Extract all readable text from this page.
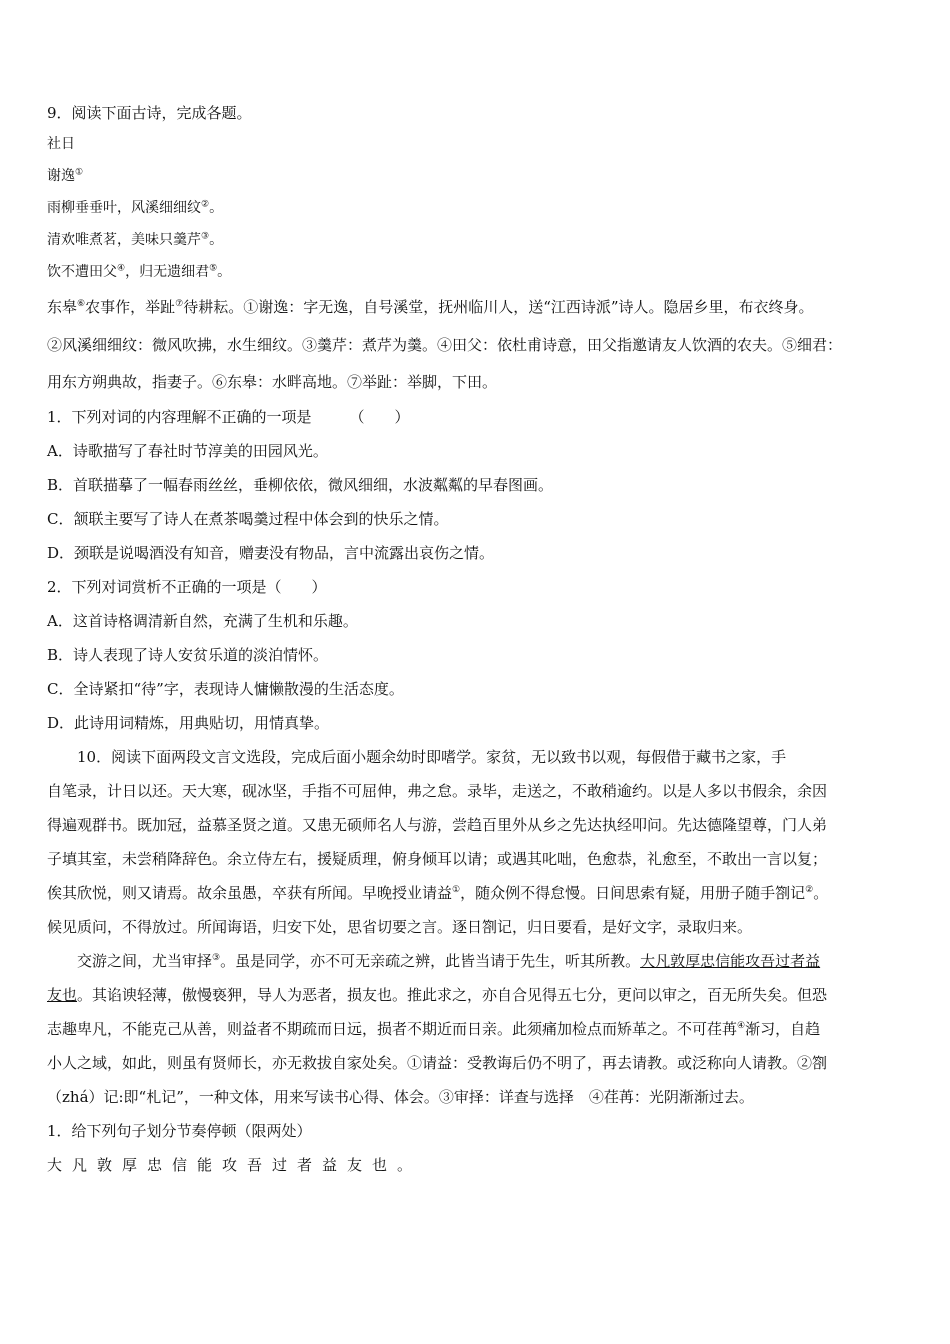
9．阅读下面古诗，完成各题。

社日

谢逸①

雨柳垂垂叶，风溪细细纹②。

清欢唯煮茗，美味只羹芹③。

饮不遭田父④，归无遗细君⑤。

东皋⑥农事作，举趾⑦待耕耘。①谢逸：字无逸，自号溪堂，抚州临川人，送“江西诗派”诗人。隐居乡里，布衣终身。

②风溪细细纹：微风吹拂，水生细纹。③羹芹：煮芹为羹。④田父：依杜甫诗意，田父指邀请友人饮酒的农夫。⑤细君：

用东方朔典故，指妻子。⑥东皋：水畔高地。⑦举趾：举脚，下田。

1．下列对词的内容理解不正确的一项是	（　　）

A．诗歌描写了春社时节淳美的田园风光。

B．首联描摹了一幅春雨丝丝，垂柳依依，微风细细，水波粼粼的早春图画。

C．颔联主要写了诗人在煮茶喝羹过程中体会到的快乐之情。

D．颈联是说喝酒没有知音，赠妻没有物品，言中流露出哀伤之情。

2．下列对词赏析不正确的一项是（　　）

A．这首诗格调清新自然，充满了生机和乐趣。

B．诗人表现了诗人安贫乐道的淡泊情怀。

C．全诗紧扣“待”字，表现诗人慵懒散漫的生活态度。

D．此诗用词精炼，用典贴切，用情真挚。

10．阅读下面两段文言文选段，完成后面小题余幼时即嗜学。家贫，无以致书以观，每假借于藏书之家，手

自笔录，计日以还。天大寒，砚冰坚，手指不可屈伸，弗之怠。录毕，走送之，不敢稍逾约。以是人多以书假余，余因

得遍观群书。既加冠，益慕圣贤之道。又患无硕师名人与游，尝趋百里外从乡之先达执经叩问。先达德隆望尊，门人弟

子填其室，未尝稍降辞色。余立侍左右，援疑质理，俯身倾耳以请；或遇其叱咄，色愈恭，礼愈至，不敢出一言以复；

俟其欣悦，则又请焉。故余虽愚，卒获有所闻。早晚授业请益①，随众例不得怠慢。日间思索有疑，用册子随手劄记②。

候见质问，不得放过。所闻诲语，归安下处，思省切要之言。逐日劄记，归日要看，是好文字，录取归来。

交游之间，尤当审择③。虽是同学，亦不可无亲疏之辨，此皆当请于先生，听其所教。大凡敦厚忠信能攻吾过者益

友也。其谄谀轻薄，傲慢亵狎，导人为恶者，损友也。推此求之，亦自合见得五七分，更问以审之，百无所失矣。但恐

志趣卑凡，不能克己从善，则益者不期疏而日远，损者不期近而日亲。此须痛加检点而矫革之。不可荏苒④渐习，自趋

小人之域，如此，则虽有贤师长，亦无救拔自家处矣。①请益：受教诲后仍不明了，再去请教。或泛称向人请教。②劄

（zhá）记:即“札记”，一种文体，用来写读书心得、体会。③审择：详查与选择　④荏苒：光阴渐渐过去。

1．给下列句子划分节奏停顿（限两处）

大凡敦厚忠信能攻吾过者益友也。
